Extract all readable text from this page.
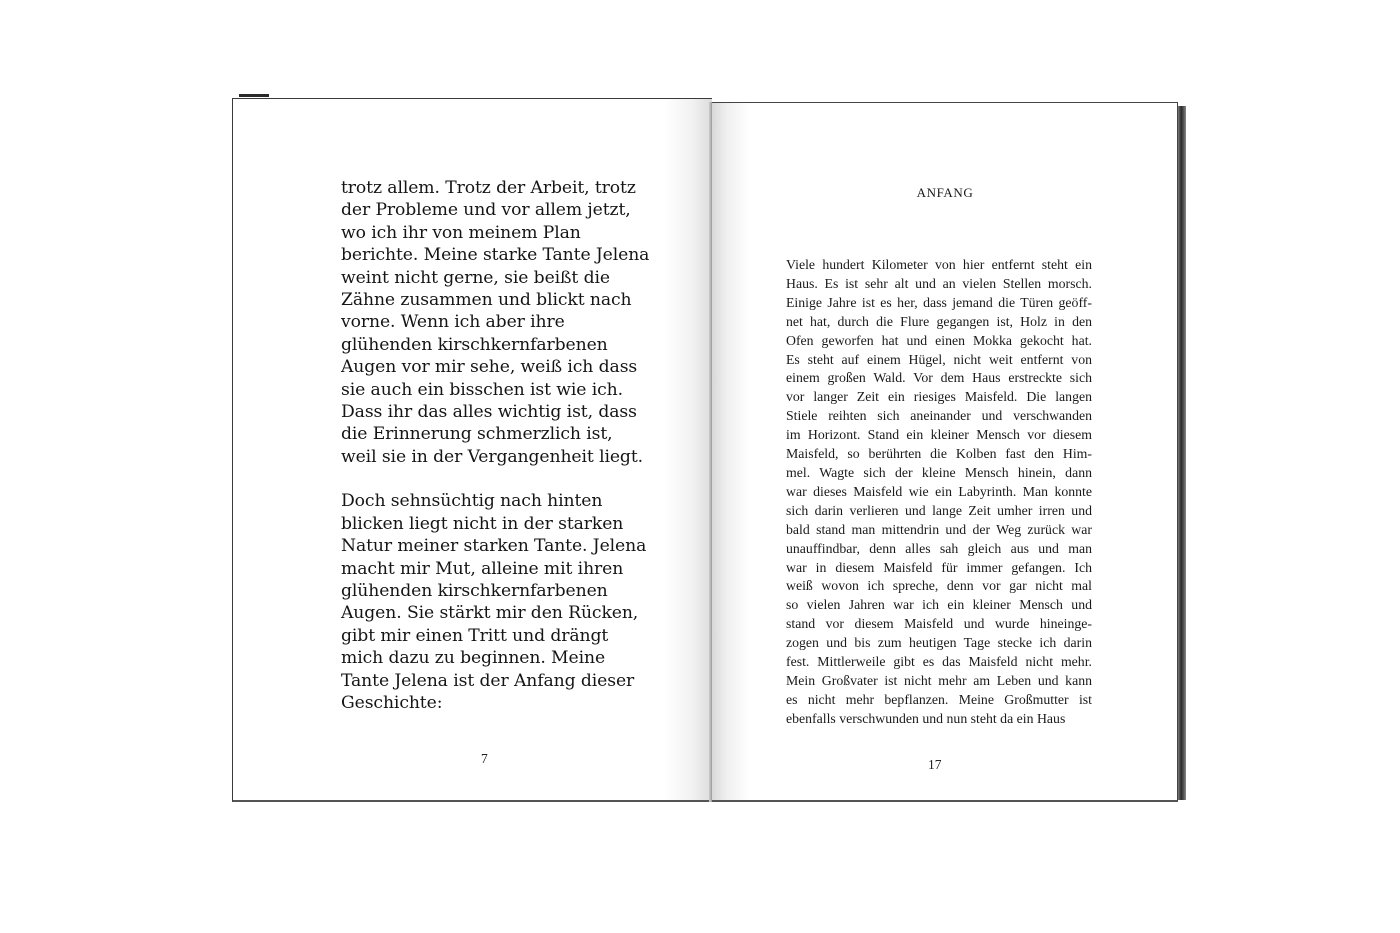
trotz allem. Trotz der Arbeit, trotz der Probleme und vor allem jetzt, wo ich ihr von meinem Plan berichte. Meine starke Tante Jelena weint nicht gerne, sie beißt die Zähne zusammen und blickt nach vorne. Wenn ich aber ihre glühenden kirschkernfarbenen Augen vor mir sehe, weiß ich dass sie auch ein bisschen ist wie ich. Dass ihr das alles wichtig ist, dass die Erinnerung schmerzlich ist, weil sie in der Vergangenheit liegt.

Doch sehnsüchtig nach hinten blicken liegt nicht in der starken Natur meiner starken Tante. Jelena macht mir Mut, alleine mit ihren glühenden kirschkernfarbenen Augen. Sie stärkt mir den Rücken, gibt mir einen Tritt und drängt mich dazu zu beginnen. Meine Tante Jelena ist der Anfang dieser Geschichte:

7
ANFANG
Viele hundert Kilometer von hier entfernt steht ein
Haus. Es ist sehr alt und an vielen Stellen morsch.
Einige Jahre ist es her, dass jemand die Türen geöff-
net hat, durch die Flure gegangen ist, Holz in den
Ofen geworfen hat und einen Mokka gekocht hat.
Es steht auf einem Hügel, nicht weit entfernt von
einem großen Wald. Vor dem Haus erstreckte sich
vor langer Zeit ein riesiges Maisfeld. Die langen
Stiele reihten sich aneinander und verschwanden
im Horizont. Stand ein kleiner Mensch vor diesem
Maisfeld, so berührten die Kolben fast den Him-
mel. Wagte sich der kleine Mensch hinein, dann
war dieses Maisfeld wie ein Labyrinth. Man konnte
sich darin verlieren und lange Zeit umher irren und
bald stand man mittendrin und der Weg zurück war
unauffindbar, denn alles sah gleich aus und man
war in diesem Maisfeld für immer gefangen. Ich
weiß wovon ich spreche, denn vor gar nicht mal
so vielen Jahren war ich ein kleiner Mensch und
stand vor diesem Maisfeld und wurde hineinge-
zogen und bis zum heutigen Tage stecke ich darin
fest. Mittlerweile gibt es das Maisfeld nicht mehr.
Mein Großvater ist nicht mehr am Leben und kann
es nicht mehr bepflanzen. Meine Großmutter ist
ebenfalls verschwunden und nun steht da ein Haus
17
